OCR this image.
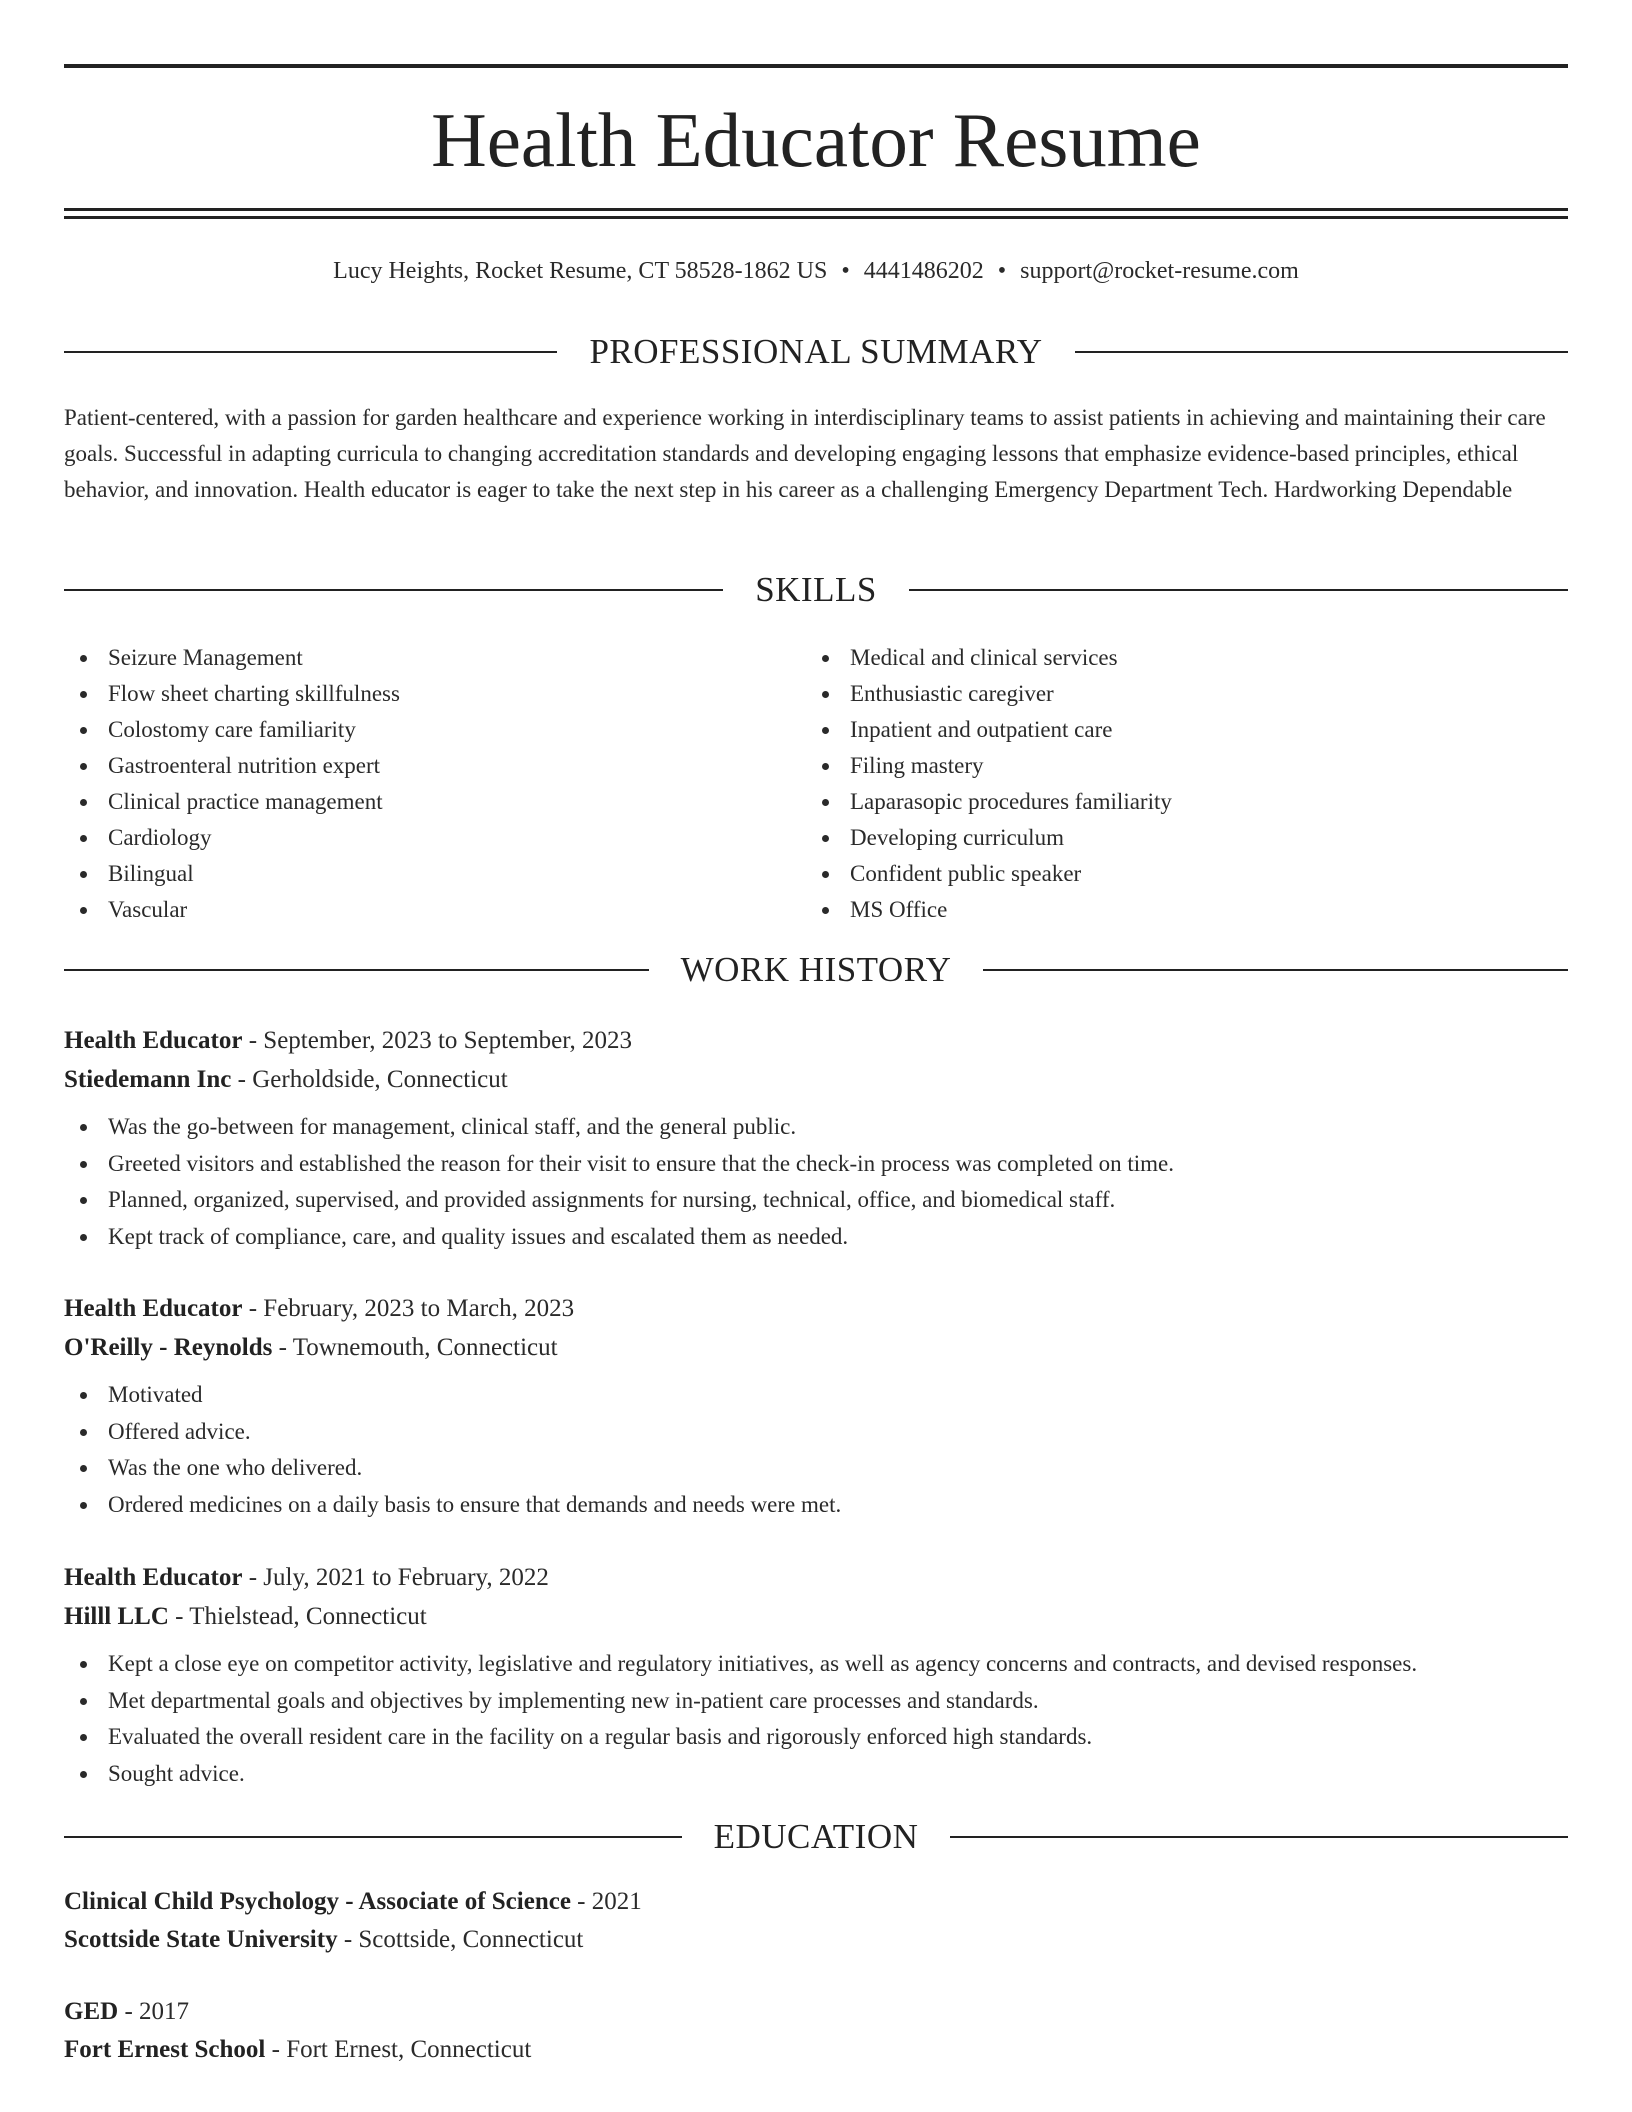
Health Educator Resume
Lucy Heights, Rocket Resume, CT 58528-1862 US • 4441486202 • support@rocket-resume.com
PROFESSIONAL SUMMARY

Patient-centered, with a passion for garden healthcare and experience working in interdisciplinary teams to assist patients in achieving and maintaining their care goals. Successful in adapting curricula to changing accreditation standards and developing engaging lessons that emphasize evidence-based principles, ethical behavior, and innovation. Health educator is eager to take the next step in his career as a challenging Emergency Department Tech. Hardworking Dependable

SKILLS
Seizure Management
Flow sheet charting skillfulness
Colostomy care familiarity
Gastroenteral nutrition expert
Clinical practice management
Cardiology
Bilingual
Vascular
Medical and clinical services
Enthusiastic caregiver
Inpatient and outpatient care
Filing mastery
Laparasopic procedures familiarity
Developing curriculum
Confident public speaker
MS Office
WORK HISTORY
Health Educator - September, 2023 to September, 2023
Stiedemann Inc - Gerholdside, Connecticut
Was the go-between for management, clinical staff, and the general public.
Greeted visitors and established the reason for their visit to ensure that the check-in process was completed on time.
Planned, organized, supervised, and provided assignments for nursing, technical, office, and biomedical staff.
Kept track of compliance, care, and quality issues and escalated them as needed.
Health Educator - February, 2023 to March, 2023
O'Reilly - Reynolds - Townemouth, Connecticut
Motivated
Offered advice.
Was the one who delivered.
Ordered medicines on a daily basis to ensure that demands and needs were met.
Health Educator - July, 2021 to February, 2022
Hilll LLC - Thielstead, Connecticut
Kept a close eye on competitor activity, legislative and regulatory initiatives, as well as agency concerns and contracts, and devised responses.
Met departmental goals and objectives by implementing new in-patient care processes and standards.
Evaluated the overall resident care in the facility on a regular basis and rigorously enforced high standards.
Sought advice.
EDUCATION
Clinical Child Psychology - Associate of Science - 2021
Scottside State University - Scottside, Connecticut
GED - 2017
Fort Ernest School - Fort Ernest, Connecticut
